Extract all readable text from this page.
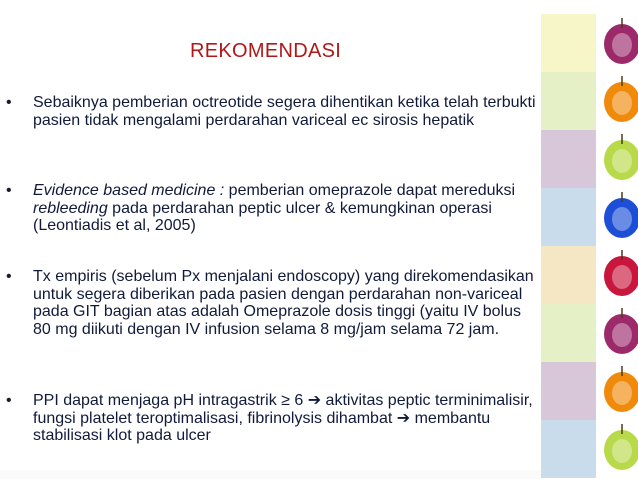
REKOMENDASI
• Sebaiknya pemberian octreotide segera dihentikan ketika telah terbukti pasien tidak mengalami perdarahan variceal ec sirosis hepatik
• Evidence based medicine : pemberian omeprazole dapat mereduksi rebleeding pada perdarahan peptic ulcer & kemungkinan operasi (Leontiadis et al, 2005)
• Tx empiris (sebelum Px menjalani endoscopy) yang direkomendasikan untuk segera diberikan pada pasien dengan perdarahan non-variceal pada GIT bagian atas adalah Omeprazole dosis tinggi (yaitu IV bolus 80 mg diikuti dengan IV infusion selama 8 mg/jam selama 72 jam.
• PPI dapat menjaga pH intragastrik ≥ 6 ➔ aktivitas peptic terminimalisir, fungsi platelet teroptimalisasi, fibrinolysis dihambat ➔ membantu stabilisasi klot pada ulcer
